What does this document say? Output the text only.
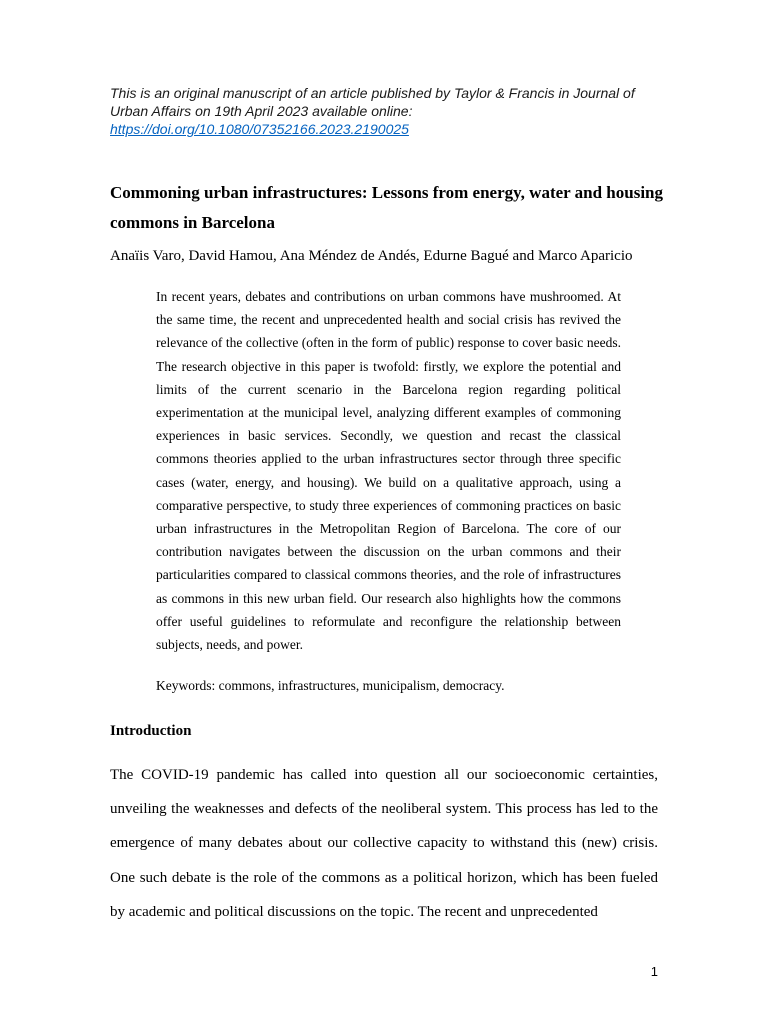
This is an original manuscript of an article published by Taylor & Francis in Journal of Urban Affairs on 19th April 2023 available online: https://doi.org/10.1080/07352166.2023.2190025
Commoning urban infrastructures: Lessons from energy, water and housing commons in Barcelona
Anaïis Varo, David Hamou, Ana Méndez de Andés, Edurne Bagué and Marco Aparicio
In recent years, debates and contributions on urban commons have mushroomed. At the same time, the recent and unprecedented health and social crisis has revived the relevance of the collective (often in the form of public) response to cover basic needs. The research objective in this paper is twofold: firstly, we explore the potential and limits of the current scenario in the Barcelona region regarding political experimentation at the municipal level, analyzing different examples of commoning experiences in basic services. Secondly, we question and recast the classical commons theories applied to the urban infrastructures sector through three specific cases (water, energy, and housing). We build on a qualitative approach, using a comparative perspective, to study three experiences of commoning practices on basic urban infrastructures in the Metropolitan Region of Barcelona. The core of our contribution navigates between the discussion on the urban commons and their particularities compared to classical commons theories, and the role of infrastructures as commons in this new urban field. Our research also highlights how the commons offer useful guidelines to reformulate and reconfigure the relationship between subjects, needs, and power.
Keywords: commons, infrastructures, municipalism, democracy.
Introduction
The COVID-19 pandemic has called into question all our socioeconomic certainties, unveiling the weaknesses and defects of the neoliberal system. This process has led to the emergence of many debates about our collective capacity to withstand this (new) crisis. One such debate is the role of the commons as a political horizon, which has been fueled by academic and political discussions on the topic. The recent and unprecedented
1
